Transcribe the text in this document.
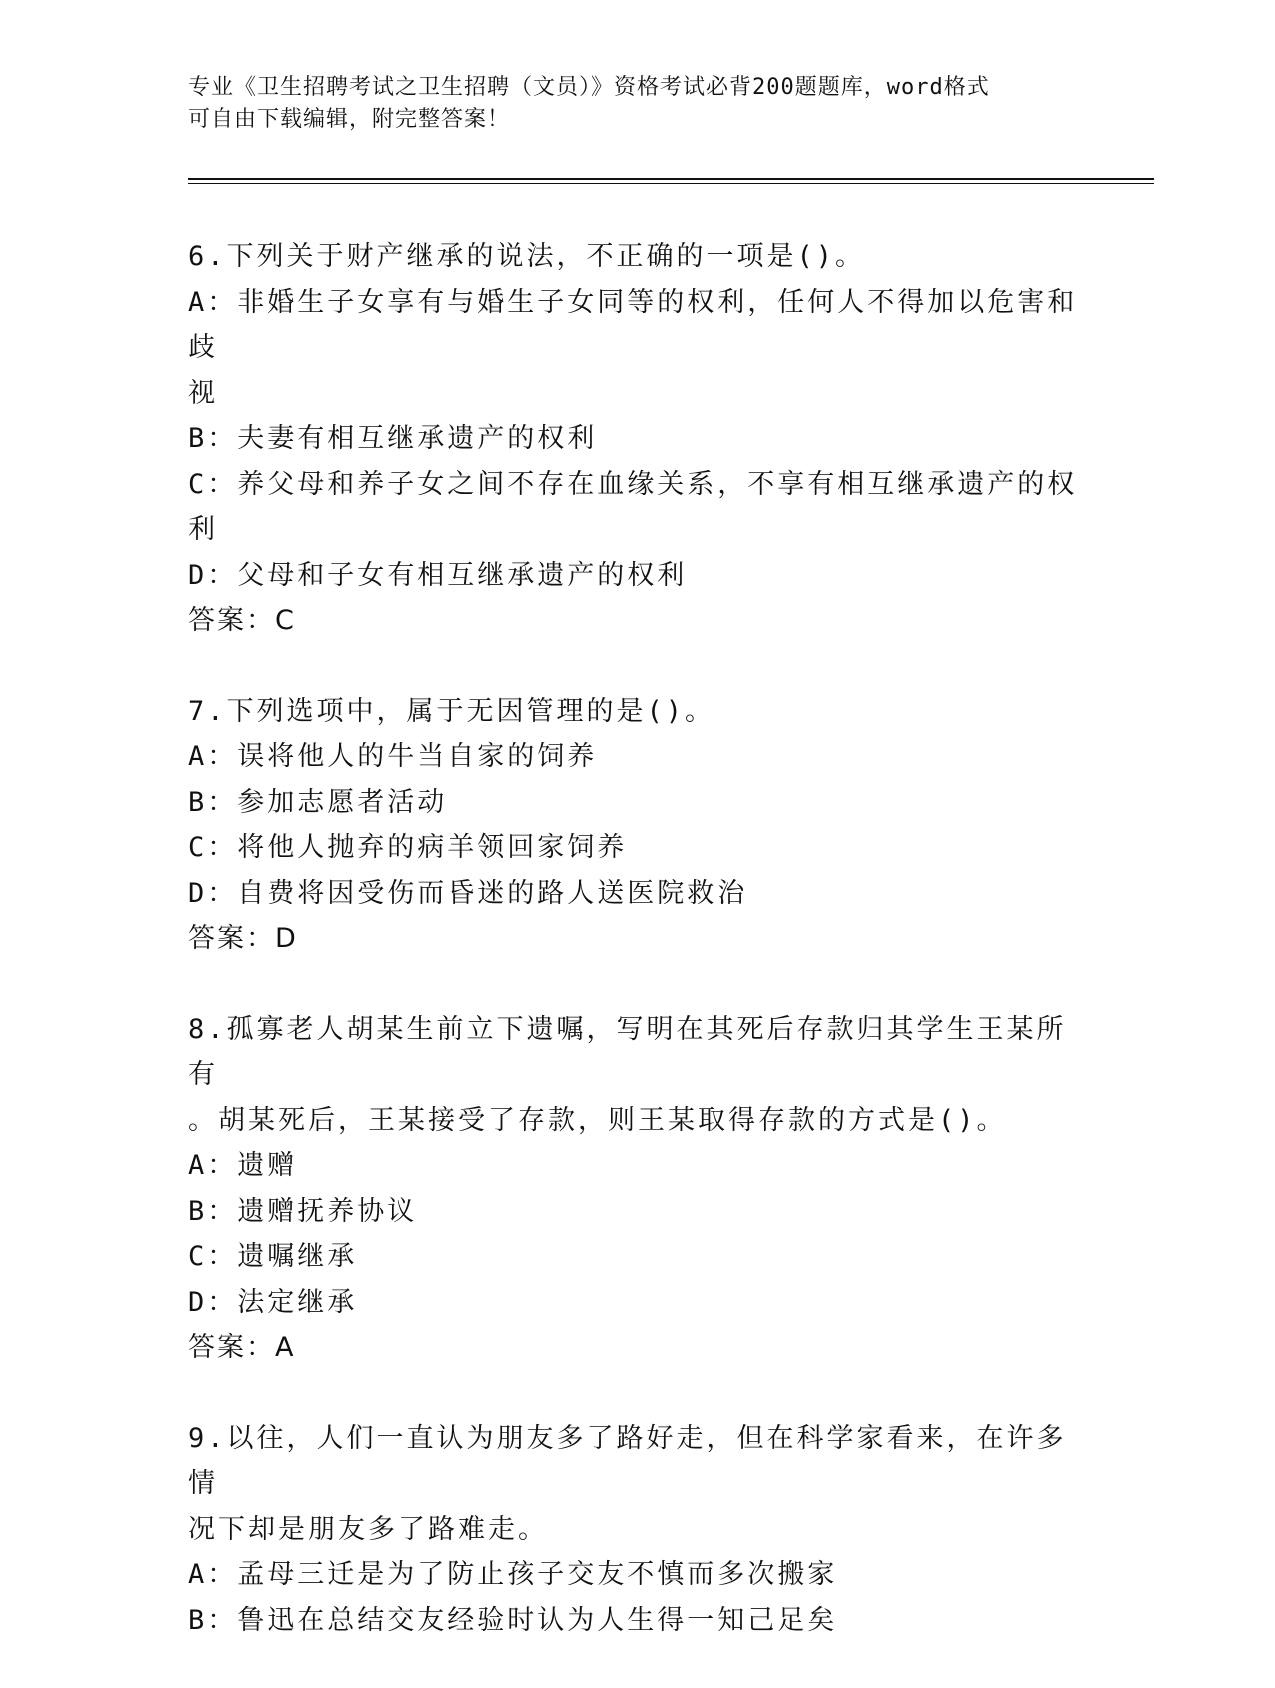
专业《卫生招聘考试之卫生招聘（文员）》资格考试必背200题题库，word格式
可自由下载编辑，附完整答案！

6.下列关于财产继承的说法，不正确的一项是()。

A：非婚生子女享有与婚生子女同等的权利，任何人不得加以危害和歧

视

B：夫妻有相互继承遗产的权利

C：养父母和养子女之间不存在血缘关系，不享有相互继承遗产的权利

D：父母和子女有相互继承遗产的权利

答案：C

7.下列选项中，属于无因管理的是()。

A：误将他人的牛当自家的饲养

B：参加志愿者活动

C：将他人抛弃的病羊领回家饲养

D：自费将因受伤而昏迷的路人送医院救治

答案：D

8.孤寡老人胡某生前立下遗嘱，写明在其死后存款归其学生王某所有

。胡某死后，王某接受了存款，则王某取得存款的方式是()。

A：遗赠

B：遗赠抚养协议

C：遗嘱继承

D：法定继承

答案：A

9.以往，人们一直认为朋友多了路好走，但在科学家看来，在许多情

况下却是朋友多了路难走。

A：孟母三迁是为了防止孩子交友不慎而多次搬家

B：鲁迅在总结交友经验时认为人生得一知己足矣
